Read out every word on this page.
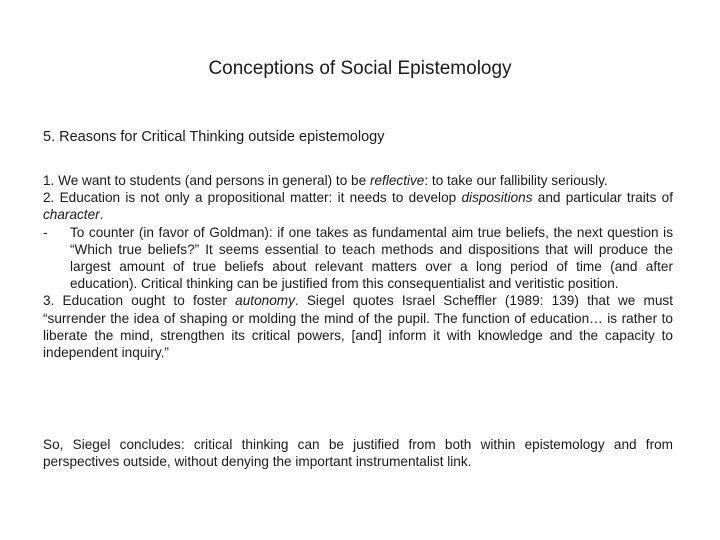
Conceptions of Social Epistemology
5. Reasons for Critical Thinking outside epistemology

1. We want to students (and persons in general) to be reflective: to take our fallibility seriously.

2. Education is not only a propositional matter: it needs to develop dispositions and particular traits of character.

- To counter (in favor of Goldman): if one takes as fundamental aim true beliefs, the next question is “Which true beliefs?” It seems essential to teach methods and dispositions that will produce the largest amount of true beliefs about relevant matters over a long period of time (and after education). Critical thinking can be justified from this consequentialist and veritistic position.

3. Education ought to foster autonomy. Siegel quotes Israel Scheffler (1989: 139) that we must “surrender the idea of shaping or molding the mind of the pupil. The function of education… is rather to liberate the mind, strengthen its critical powers, [and] inform it with knowledge and the capacity to independent inquiry.”

So, Siegel concludes: critical thinking can be justified from both within epistemology and from perspectives outside, without denying the important instrumentalist link.
